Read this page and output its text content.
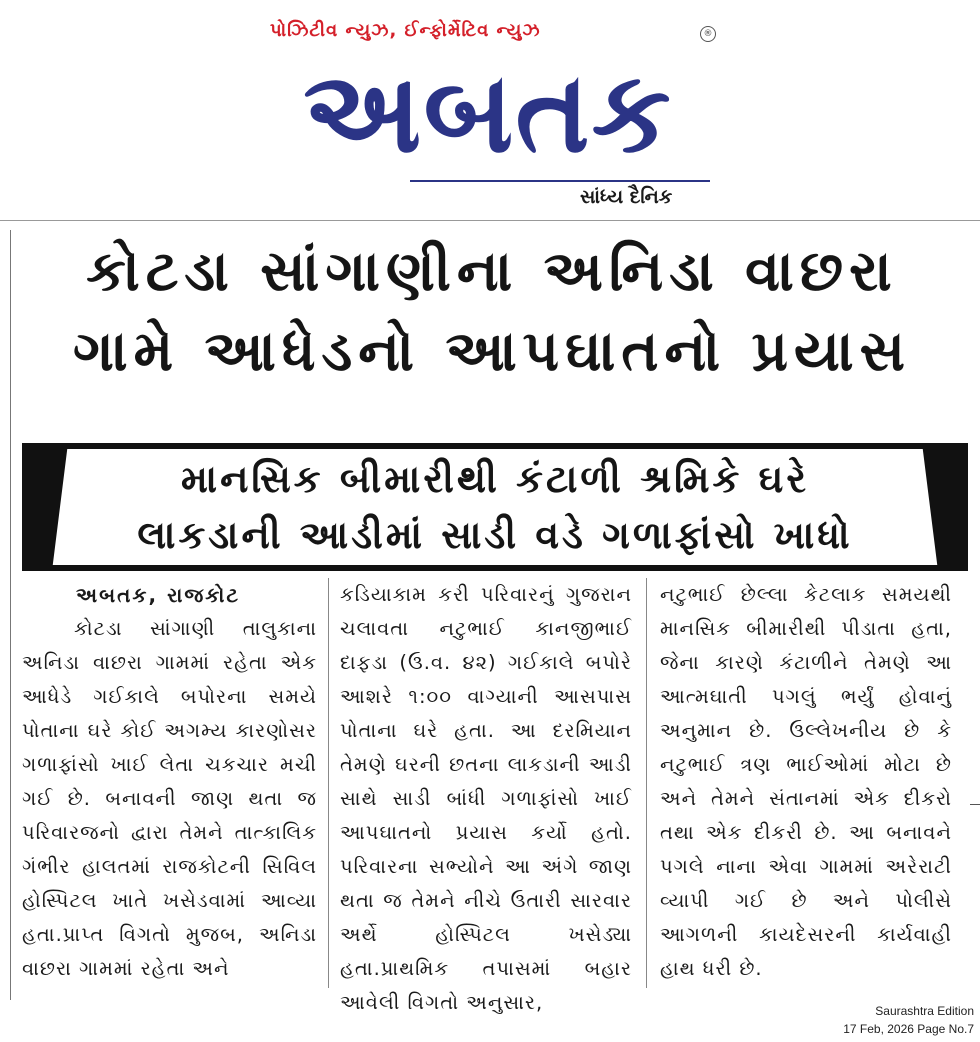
પોઝિટીવ ન્યુઝ, ઈન્ફોર્મેટિવ ન્યુઝ	®
અબતક
સાંધ્ય દૈનિક
કોટડા સાંગાણીના અનિડા વાછરા
ગામે આધેડનો આપઘાતનો પ્રયાસ
માનસિક બીમારીથી કંટાળી શ્રમિકે ઘરે
લાકડાની આડીમાં સાડી વડે ગળાફાંસો ખાધો
અબતક, રાજકોટ

કોટડા સાંગાણી તાલુકાના અનિડા વાછરા ગામમાં રહેતા એક આધેડે ગઈકાલે બપોરના સમયે પોતાના ઘરે કોઈ અગમ્ય કારણોસર ગળાફાંસો ખાઈ લેતા ચકચાર મચી ગઈ છે. બનાવની જાણ થતા જ પરિવારજનો દ્વારા તેમને તાત્કાલિક ગંભીર હાલતમાં રાજકોટની સિવિલ હોસ્પિટલ ખાતે ખસેડવામાં આવ્યા હતા.પ્રાપ્ત વિગતો મુજબ, અનિડા વાછરા ગામમાં રહેતા અને

કડિયાકામ કરી પરિવારનું ગુજરાન ચલાવતા નટુભાઈ કાનજીભાઈ દાફડા (ઉ.વ. ૪૨) ગઈકાલે બપોરે આશરે ૧:૦૦ વાગ્યાની આસપાસ પોતાના ઘરે હતા. આ દરમિયાન તેમણે ઘરની છતના લાકડાની આડી સાથે સાડી બાંધી ગળાફાંસો ખાઈ આપઘાતનો પ્રયાસ કર્યો હતો. પરિવારના સભ્યોને આ અંગે જાણ થતા જ તેમને નીચે ઉતારી સારવાર અર્થે હોસ્પિટલ ખસેડ્યા હતા.પ્રાથમિક તપાસમાં બહાર આવેલી વિગતો અનુસાર,

નટુભાઈ છેલ્લા કેટલાક સમયથી માનસિક બીમારીથી પીડાતા હતા, જેના કારણે કંટાળીને તેમણે આ આત્મઘાતી પગલું ભર્યું હોવાનું અનુમાન છે. ઉલ્લેખનીય છે કે નટુભાઈ ત્રણ ભાઈઓમાં મોટા છે અને તેમને સંતાનમાં એક દીકરો તથા એક દીકરી છે. આ બનાવને પગલે નાના એવા ગામમાં અરેરાટી વ્યાપી ગઈ છે અને પોલીસે આગળની કાયદેસરની કાર્યવાહી હાથ ધરી છે.

Saurashtra Edition
17 Feb, 2026 Page No.7
